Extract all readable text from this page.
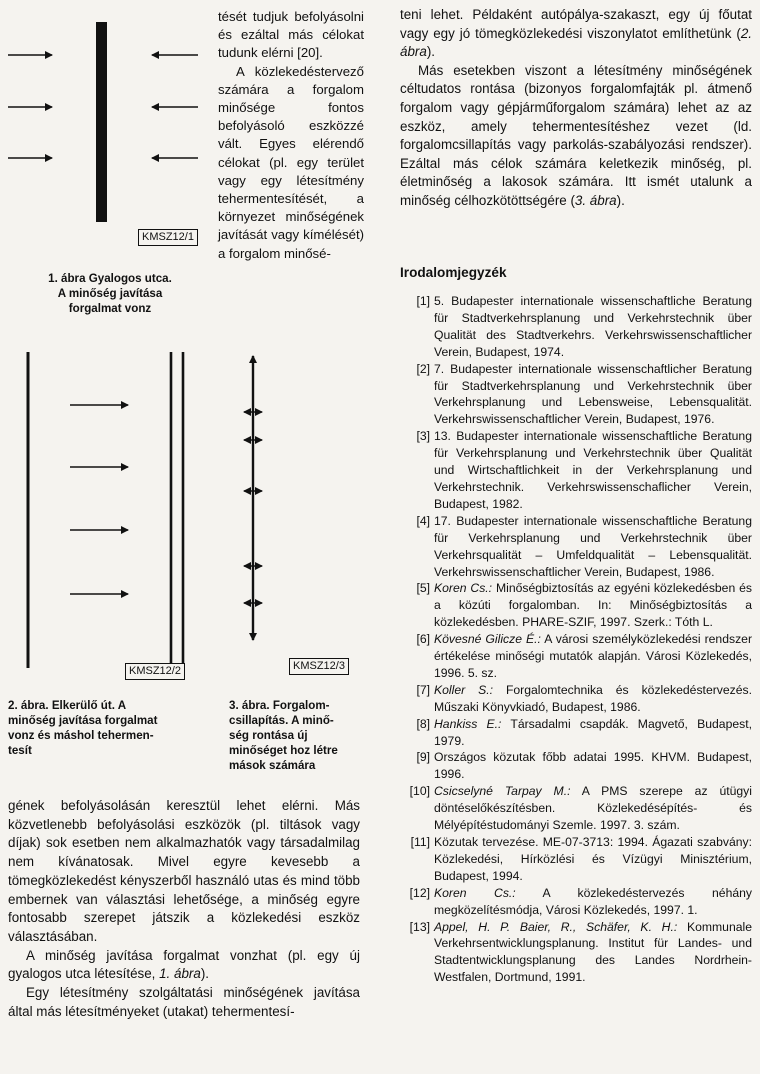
KMSZ12/1
KMSZ12/2	KMSZ12/3
1. ábra Gyalogos utca.
A minőség javítása
forgalmat vonz
2. ábra. Elkerülő út. A
minőség javítása forgalmat
vonz és máshol tehermen-
tesít
3. ábra. Forgalom-
csillapítás. A minő-
ség rontása új
minőséget hoz létre
mások számára

tését tudjuk befolyásolni és ezáltal más célokat tudunk elérni [20].

A közlekedéstervező számára a forgalom minősége fontos befolyásoló eszközzé vált. Egyes elérendő célokat (pl. egy terület vagy egy létesítmény tehermentesítését, a környezet minőségének javítását vagy kímélését) a forgalom minősé-

gének befolyásolásán keresztül lehet elérni. Más közvetlenebb befolyásolási eszközök (pl. tiltások vagy díjak) sok esetben nem alkalmazhatók vagy társadalmilag nem kívánatosak. Mivel egyre kevesebb a tömegközlekedést kényszerből használó utas és mind több embernek van választási lehetősége, a minőség egyre fontosabb szerepet játszik a közlekedési eszköz választásában.

A minőség javítása forgalmat vonzhat (pl. egy új gyalogos utca létesítése, 1. ábra).

Egy létesítmény szolgáltatási minőségének javítása által más létesítményeket (utakat) tehermentesí-

teni lehet. Példaként autópálya-szakaszt, egy új főutat vagy egy jó tömegközlekedési viszonylatot említhetünk (2. ábra).

Más esetekben viszont a létesítmény minőségének céltudatos rontása (bizonyos forgalomfajták pl. átmenő forgalom vagy gépjárműforgalom számára) lehet az az eszköz, amely tehermentesítéshez vezet (ld. forgalomcsillapítás vagy parkolás-szabályozási rendszer). Ezáltal más célok számára keletkezik minőség, pl. életminőség a lakosok számára. Itt ismét utalunk a minőség célhozkötöttségére (3. ábra).

Irodalomjegyzék
[1] 5. Budapester internationale wissenschaftliche Beratung für Stadtverkehrsplanung und Verkehrstechnik über Qualität des Stadtverkehrs. Verkehrswissenschaftlicher Verein, Budapest, 1974.
[2] 7. Budapester internationale wissenschaftlicher Beratung für Stadtverkehrsplanung und Verkehrstechnik über Verkehrsplanung und Lebensweise, Lebensqualität. Verkehrswissenschaftlicher Verein, Budapest, 1976.
[3] 13. Budapester internationale wissenschaftliche Beratung für Verkehrsplanung und Verkehrstechnik über Qualität und Wirtschaftlichkeit in der Verkehrsplanung und Verkehrstechnik. Verkehrswissenschaflicher Verein, Budapest, 1982.
[4] 17. Budapester internationale wissenschaftliche Beratung für Verkehrsplanung und Verkehrstechnik über Verkehrsqualität – Umfeldqualität – Lebensqualität. Verkehrswissenschaftlicher Verein, Budapest, 1986.
[5] Koren Cs.: Minőségbiztosítás az egyéni közlekedésben és a közúti forgalomban. In: Minőségbiztosítás a közlekedésben. PHARE-SZIF, 1997. Szerk.: Tóth L.
[6] Kövesné Gilicze É.: A városi személyközlekedési rendszer értékelése minőségi mutatók alapján. Városi Közlekedés, 1996. 5. sz.
[7] Koller S.: Forgalomtechnika és közlekedéstervezés. Műszaki Könyvkiadó, Budapest, 1986.
[8] Hankiss E.: Társadalmi csapdák. Magvető, Budapest, 1979.
[9] Országos közutak főbb adatai 1995. KHVM. Budapest, 1996.
[10] Csicselyné Tarpay M.: A PMS szerepe az útügyi döntéselőkészítésben. Közlekedésépítés- és Mélyépítéstudományi Szemle. 1997. 3. szám.
[11] Közutak tervezése. ME-07-3713: 1994. Ágazati szabvány: Közlekedési, Hírközlési és Vízügyi Minisztérium, Budapest, 1994.
[12] Koren Cs.: A közlekedéstervezés néhány megközelítésmódja, Városi Közlekedés, 1997. 1.
[13] Appel, H. P. Baier, R., Schäfer, K. H.: Kommunale Verkehrsentwicklungsplanung. Institut für Landes- und Stadtentwicklungsplanung des Landes Nordrhein-Westfalen, Dortmund, 1991.
